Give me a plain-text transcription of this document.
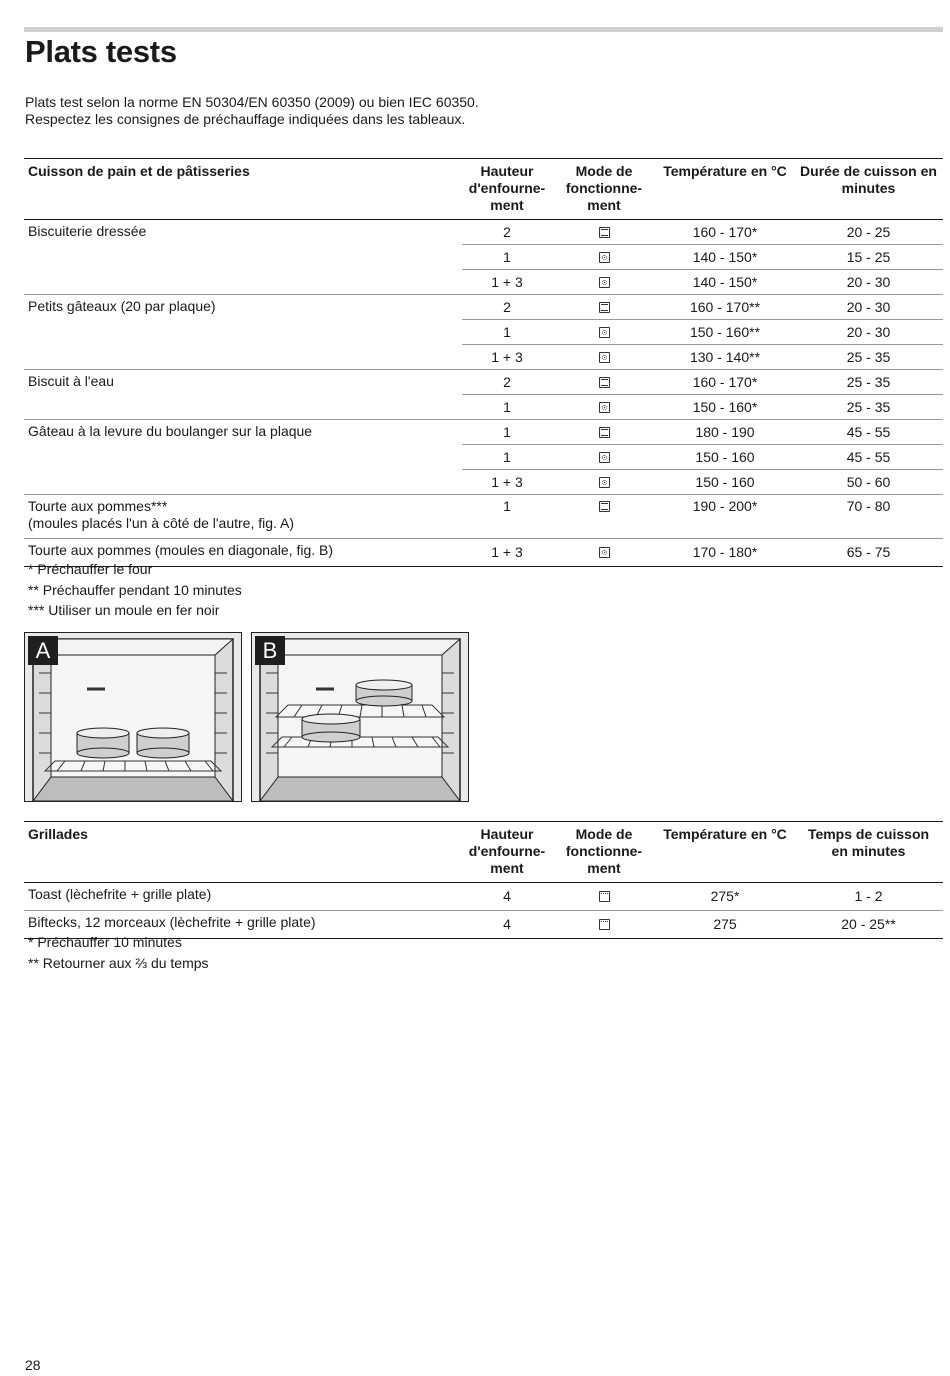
Plats tests

Plats test selon la norme EN 50304/EN 60350 (2009) ou bien IEC 60350. Respectez les consignes de préchauffage indiquées dans les tableaux.

Cuisson de pain et de pâtisseries	Hauteur d'enfourne-ment	Mode de fonctionne-ment	Température en °C	Durée de cuisson en minutes
Biscuiterie dressée	2		160 - 170*	20 - 25
	1		140 - 150*	15 - 25
	1 + 3		140 - 150*	20 - 30
Petits gâteaux (20 par plaque)	2		160 - 170**	20 - 30
	1		150 - 160**	20 - 30
	1 + 3		130 - 140**	25 - 35
Biscuit à l'eau	2		160 - 170*	25 - 35
	1		150 - 160*	25 - 35
Gâteau à la levure du boulanger sur la plaque	1		180 - 190	45 - 55
	1		150 - 160	45 - 55
	1 + 3		150 - 160	50 - 60
Tourte aux pommes***
(moules placés l'un à côté de l'autre, fig. A)	1		190 - 200*	70 - 80
Tourte aux pommes (moules en diagonale, fig. B)	1 + 3		170 - 180*	65 - 75
* Préchauffer le four
** Préchauffer pendant 10 minutes
*** Utiliser un moule en fer noir
A	B
Grillades	Hauteur d'enfourne-ment	Mode de fonctionne-ment	Température en °C	Temps de cuisson en minutes
Toast (lèchefrite + grille plate)	4		275*	1 - 2
Biftecks, 12 morceaux (lèchefrite + grille plate)	4		275	20 - 25**
* Préchauffer 10 minutes
** Retourner aux ⅔ du temps
28
